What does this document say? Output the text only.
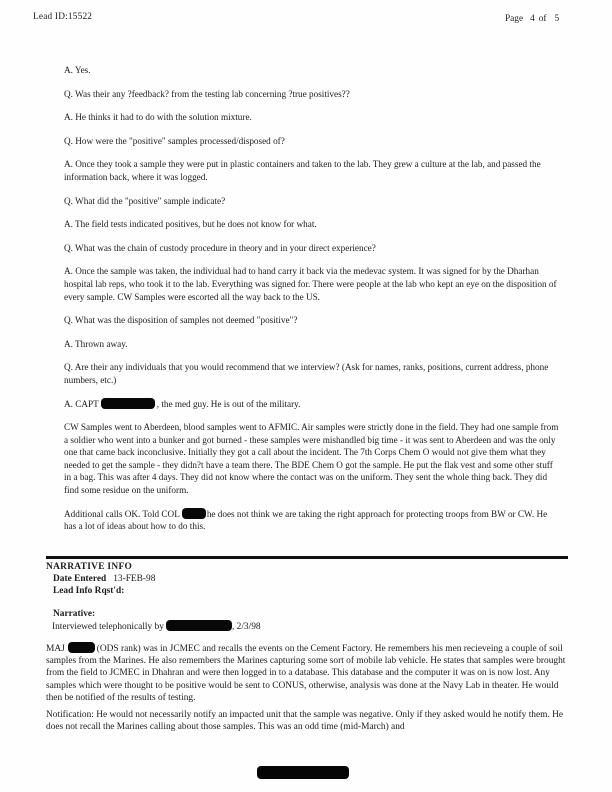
Lead ID:15522	Page 4 of 5

A. Yes.

Q. Was their any ?feedback? from the testing lab concerning ?true positives??

A. He thinks it had to do with the solution mixture.

Q. How were the "positive" samples processed/disposed of?

A. Once they took a sample they were put in plastic containers and taken to the lab. They grew a culture at the lab, and passed the information back, where it was logged.

Q. What did the "positive" sample indicate?

A. The field tests indicated positives, but he does not know for what.

Q. What was the chain of custody procedure in theory and in your direct experience?

A. Once the sample was taken, the individual had to hand carry it back via the medevac system. It was signed for by the Dharhan hospital lab reps, who took it to the lab. Everything was signed for. There were people at the lab who kept an eye on the disposition of every sample. CW Samples were escorted all the way back to the US.

Q. What was the disposition of samples not deemed "positive"?

A. Thrown away.

Q. Are their any individuals that you would recommend that we interview? (Ask for names, ranks, positions, current address, phone numbers, etc.)

A. CAPT	, the med guy. He is out of the military.

CW Samples went to Aberdeen, blood samples went to AFMIC. Air samples were strictly done in the field. They had one sample from a soldier who went into a bunker and got burned - these samples were mishandled big time - it was sent to Aberdeen and was the only one that came back inconclusive. Initially they got a call about the incident. The 7th Corps Chem O would not give them what they needed to get the sample - they didn?t have a team there. The BDE Chem O got the sample. He put the flak vest and some other stuff in a bag. This was after 4 days. They did not know where the contact was on the uniform. They sent the whole thing back. They did find some residue on the uniform.

Additional calls OK. Told COL	he does not think we are taking the right approach for protecting troops from BW or CW. He has a lot of ideas about how to do this.

NARRATIVE INFO

Date Entered 13-FEB-98

Lead Info Rqst'd:

Narrative:

Interviewed telephonically by	, 2/3/98

MAJ	(ODS rank) was in JCMEC and recalls the events on the Cement Factory. He remembers his men recieveing a couple of soil samples from the Marines. He also remembers the Marines capturing some sort of mobile lab vehicle. He states that samples were brought from the field to JCMEC in Dhahran and were then logged in to a database. This database and the computer it was on is now lost. Any samples which were thought to be positive would be sent to CONUS, otherwise, analysis was done at the Navy Lab in theater. He would then be notified of the results of testing.

Notification: He would not necessarily notify an impacted unit that the sample was negative. Only if they asked would he notify them. He does not recall the Marines calling about those samples. This was an odd time (mid-March) and
